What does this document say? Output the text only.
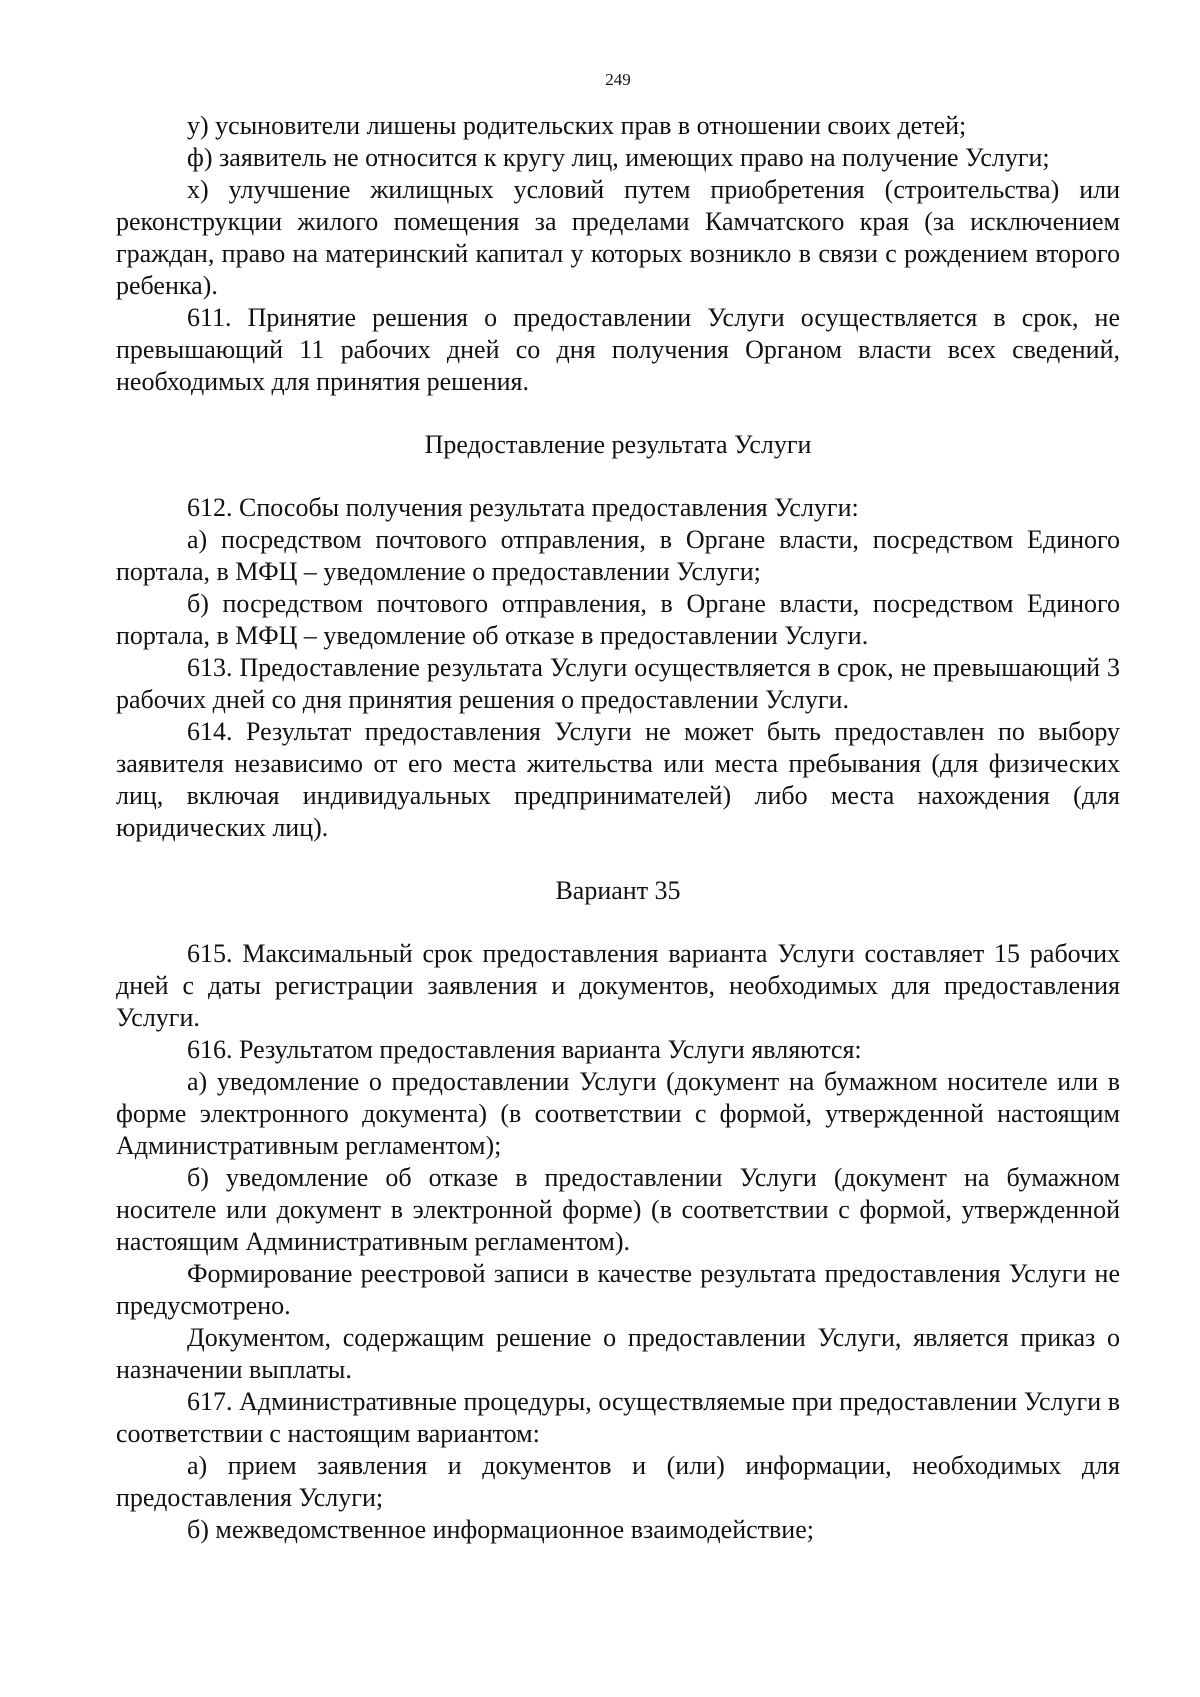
249

у) усыновители лишены родительских прав в отношении своих детей;

ф) заявитель не относится к кругу лиц, имеющих право на получение Услуги;

х) улучшение жилищных условий путем приобретения (строительства) или реконструкции жилого помещения за пределами Камчатского края (за исключением граждан, право на материнский капитал у которых возникло в связи с рождением второго ребенка).

611. Принятие решения о предоставлении Услуги осуществляется в срок, не превышающий 11 рабочих дней со дня получения Органом власти всех сведений, необходимых для принятия решения.

Предоставление результата Услуги

612. Способы получения результата предоставления Услуги:

а) посредством почтового отправления, в Органе власти, посредством Единого портала, в МФЦ – уведомление о предоставлении Услуги;

б) посредством почтового отправления, в Органе власти, посредством Единого портала, в МФЦ – уведомление об отказе в предоставлении Услуги.

613. Предоставление результата Услуги осуществляется в срок, не превышающий 3 рабочих дней со дня принятия решения о предоставлении Услуги.

614. Результат предоставления Услуги не может быть предоставлен по выбору заявителя независимо от его места жительства или места пребывания (для физических лиц, включая индивидуальных предпринимателей) либо места нахождения (для юридических лиц).

Вариант 35

615. Максимальный срок предоставления варианта Услуги составляет 15 рабочих дней с даты регистрации заявления и документов, необходимых для предоставления Услуги.

616. Результатом предоставления варианта Услуги являются:

а) уведомление о предоставлении Услуги (документ на бумажном носителе или в форме электронного документа) (в соответствии с формой, утвержденной настоящим Административным регламентом);

б) уведомление об отказе в предоставлении Услуги (документ на бумажном носителе или документ в электронной форме) (в соответствии с формой, утвержденной настоящим Административным регламентом).

Формирование реестровой записи в качестве результата предоставления Услуги не предусмотрено.

Документом, содержащим решение о предоставлении Услуги, является приказ о назначении выплаты.

617. Административные процедуры, осуществляемые при предоставлении Услуги в соответствии с настоящим вариантом:

а) прием заявления и документов и (или) информации, необходимых для предоставления Услуги;

б) межведомственное информационное взаимодействие;
